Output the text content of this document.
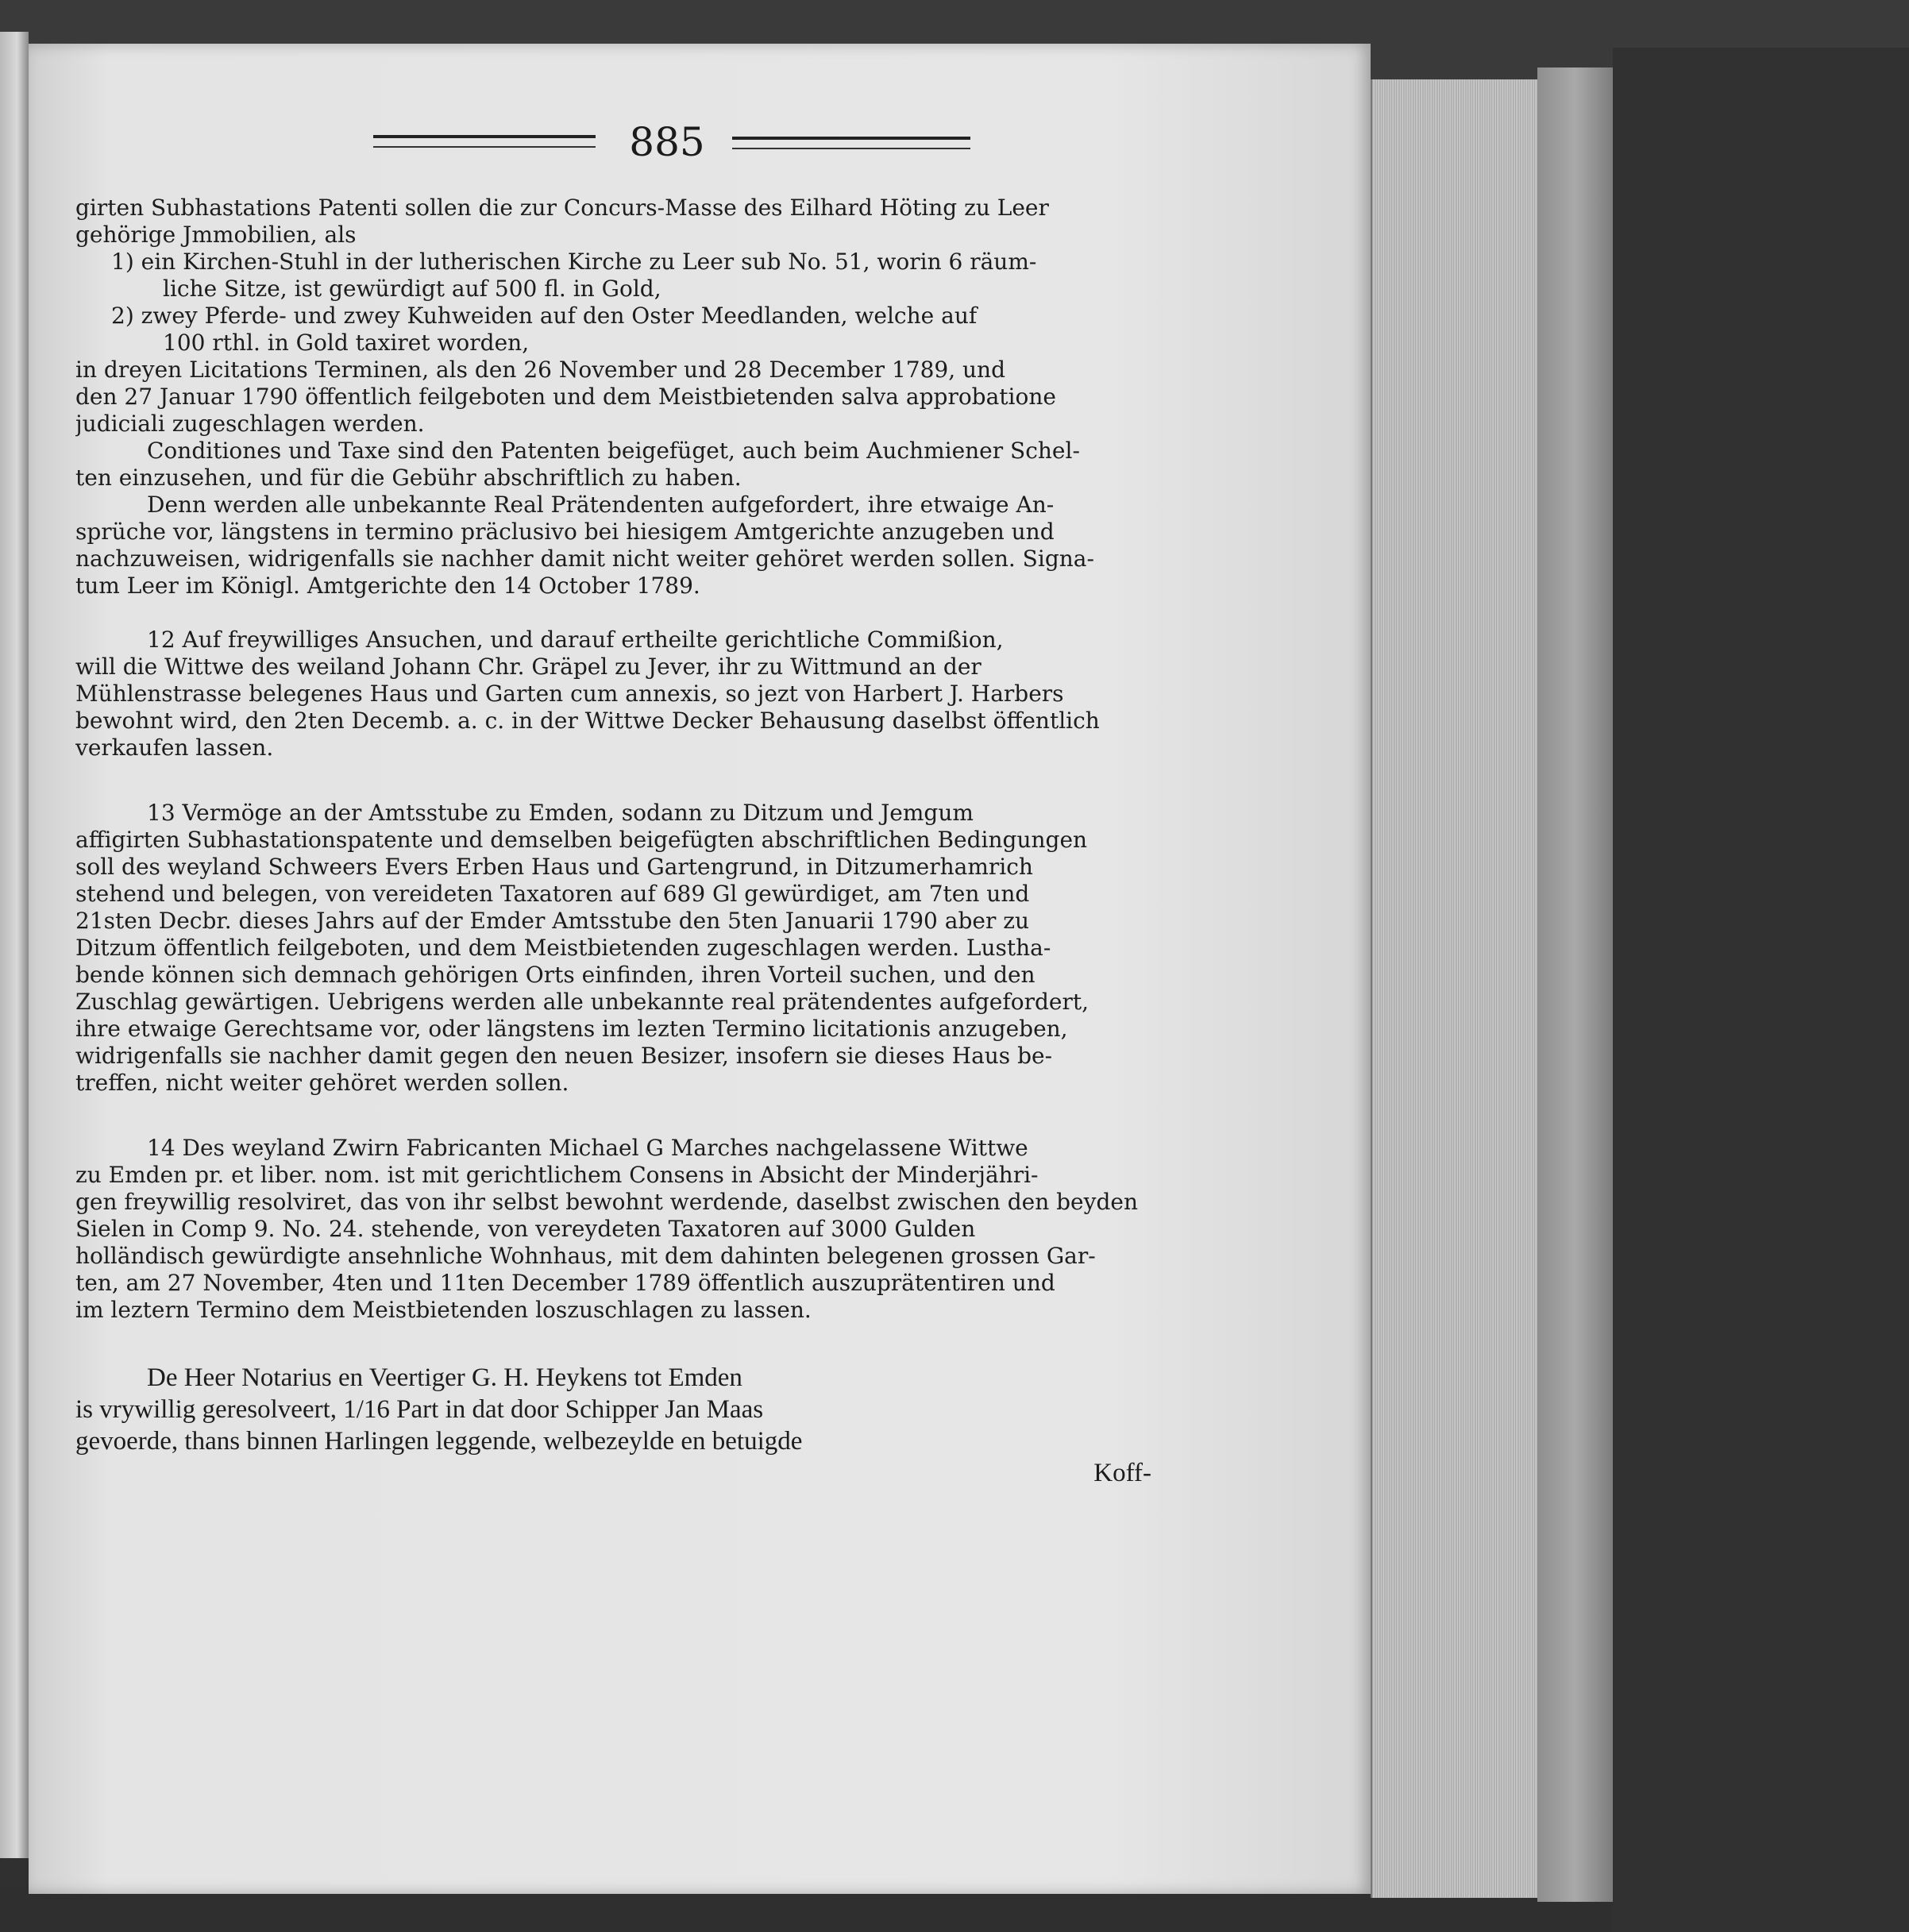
885
girten Subhastations Patenti sollen die zur Concurs-Masse des Eilhard Höting zu Leer
gehörige Jmmobilien, als
1) ein Kirchen-Stuhl in der lutherischen Kirche zu Leer sub No. 51, worin 6 räum-
liche Sitze, ist gewürdigt auf 500 fl. in Gold,
2) zwey Pferde- und zwey Kuhweiden auf den Oster Meedlanden, welche auf
100 rthl. in Gold taxiret worden,
in dreyen Licitations Terminen, als den 26 November und 28 December 1789, und
den 27 Januar 1790 öffentlich feilgeboten und dem Meistbietenden salva approbatione
judiciali zugeschlagen werden.
Conditiones und Taxe sind den Patenten beigefüget, auch beim Auchmiener Schel-
ten einzusehen, und für die Gebühr abschriftlich zu haben.
Denn werden alle unbekannte Real Prätendenten aufgefordert, ihre etwaige An-
sprüche vor, längstens in termino präclusivo bei hiesigem Amtgerichte anzugeben und
nachzuweisen, widrigenfalls sie nachher damit nicht weiter gehöret werden sollen. Signa-
tum Leer im Königl. Amtgerichte den 14 October 1789.
12 Auf freywilliges Ansuchen, und darauf ertheilte gerichtliche Commißion,
will die Wittwe des weiland Johann Chr. Gräpel zu Jever, ihr zu Wittmund an der
Mühlenstrasse belegenes Haus und Garten cum annexis, so jezt von Harbert J. Harbers
bewohnt wird, den 2ten Decemb. a. c. in der Wittwe Decker Behausung daselbst öffentlich
verkaufen lassen.
13 Vermöge an der Amtsstube zu Emden, sodann zu Ditzum und Jemgum
affigirten Subhastationspatente und demselben beigefügten abschriftlichen Bedingungen
soll des weyland Schweers Evers Erben Haus und Gartengrund, in Ditzumerhamrich
stehend und belegen, von vereideten Taxatoren auf 689 Gl gewürdiget, am 7ten und
21sten Decbr. dieses Jahrs auf der Emder Amtsstube den 5ten Januarii 1790 aber zu
Ditzum öffentlich feilgeboten, und dem Meistbietenden zugeschlagen werden. Lustha-
bende können sich demnach gehörigen Orts einfinden, ihren Vorteil suchen, und den
Zuschlag gewärtigen. Uebrigens werden alle unbekannte real prätendentes aufgefordert,
ihre etwaige Gerechtsame vor, oder längstens im lezten Termino licitationis anzugeben,
widrigenfalls sie nachher damit gegen den neuen Besizer, insofern sie dieses Haus be-
treffen, nicht weiter gehöret werden sollen.
14 Des weyland Zwirn Fabricanten Michael G Marches nachgelassene Wittwe
zu Emden pr. et liber. nom. ist mit gerichtlichem Consens in Absicht der Minderjähri-
gen freywillig resolviret, das von ihr selbst bewohnt werdende, daselbst zwischen den beyden
Sielen in Comp 9. No. 24. stehende, von vereydeten Taxatoren auf 3000 Gulden
holländisch gewürdigte ansehnliche Wohnhaus, mit dem dahinten belegenen grossen Gar-
ten, am 27 November, 4ten und 11ten December 1789 öffentlich auszuprätentiren und
im leztern Termino dem Meistbietenden loszuschlagen zu lassen.
De Heer Notarius en Veertiger G. H. Heykens tot Emden
is vrywillig geresolveert, 1/16 Part in dat door Schipper Jan Maas
gevoerde, thans binnen Harlingen leggende, welbezeylde en betuigde
Koff-
